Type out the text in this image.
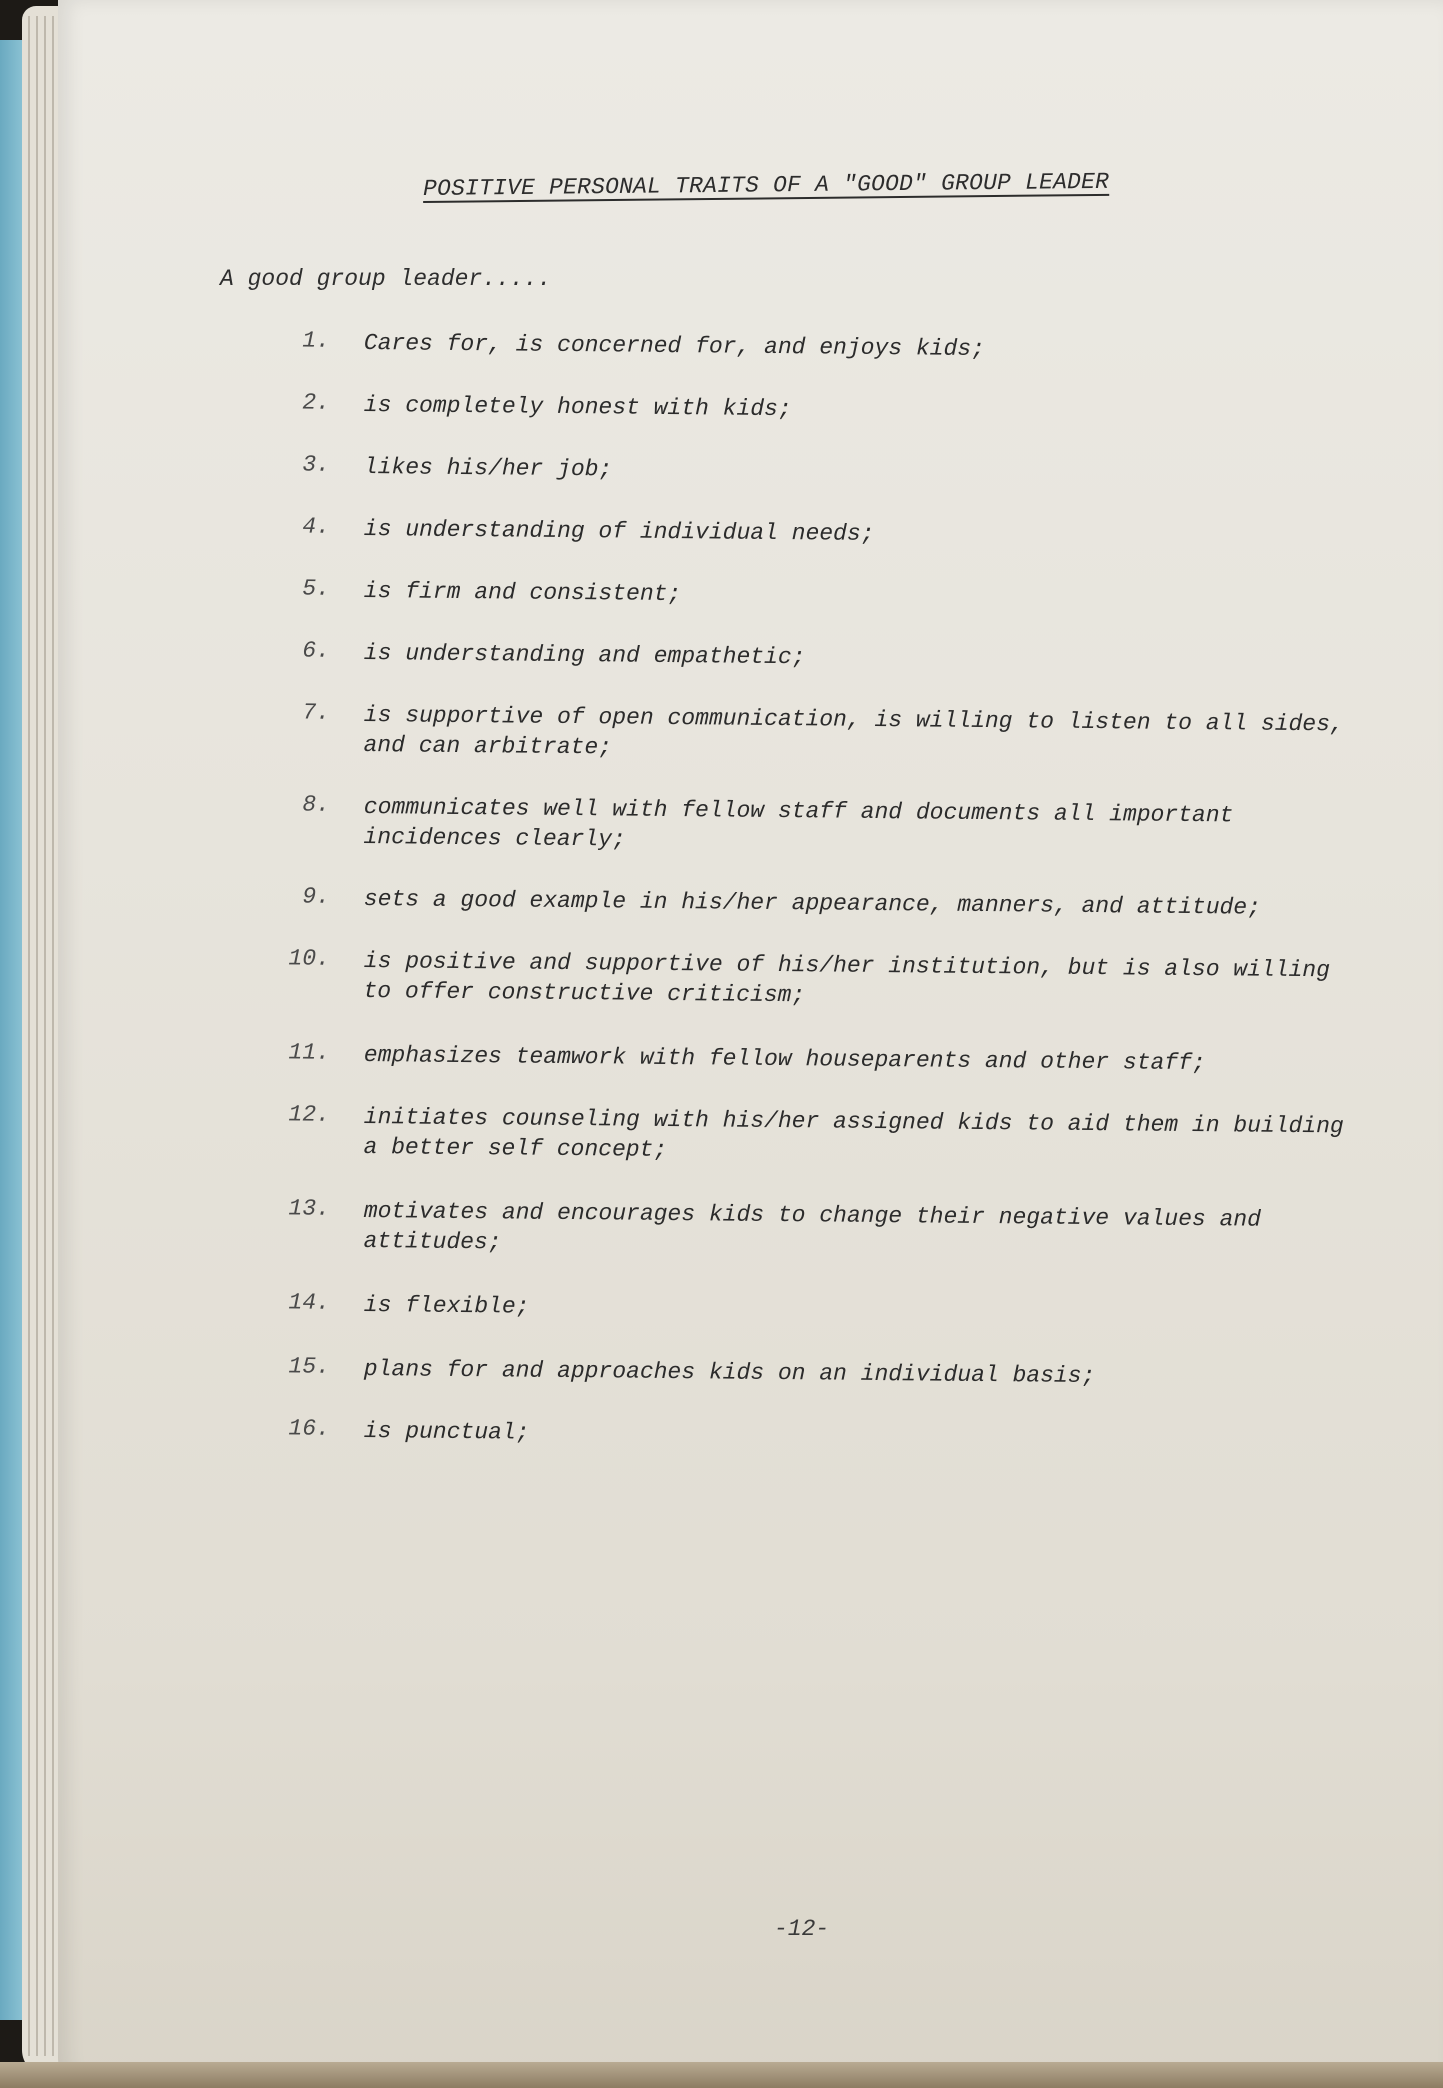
POSITIVE PERSONAL TRAITS OF A "GOOD" GROUP LEADER
A good group leader.....
1. Cares for, is concerned for, and enjoys kids;
2. is completely honest with kids;
3. likes his/her job;
4. is understanding of individual needs;
5. is firm and consistent;
6. is understanding and empathetic;
7. is supportive of open communication, is willing to listen to all sides, and can arbitrate;
8. communicates well with fellow staff and documents all important incidences clearly;
9. sets a good example in his/her appearance, manners, and attitude;
10. is positive and supportive of his/her institution, but is also willing to offer constructive criticism;
11. emphasizes teamwork with fellow houseparents and other staff;
12. initiates counseling with his/her assigned kids to aid them in building a better self concept;
13. motivates and encourages kids to change their negative values and attitudes;
14. is flexible;
15. plans for and approaches kids on an individual basis;
16. is punctual;
-12-
